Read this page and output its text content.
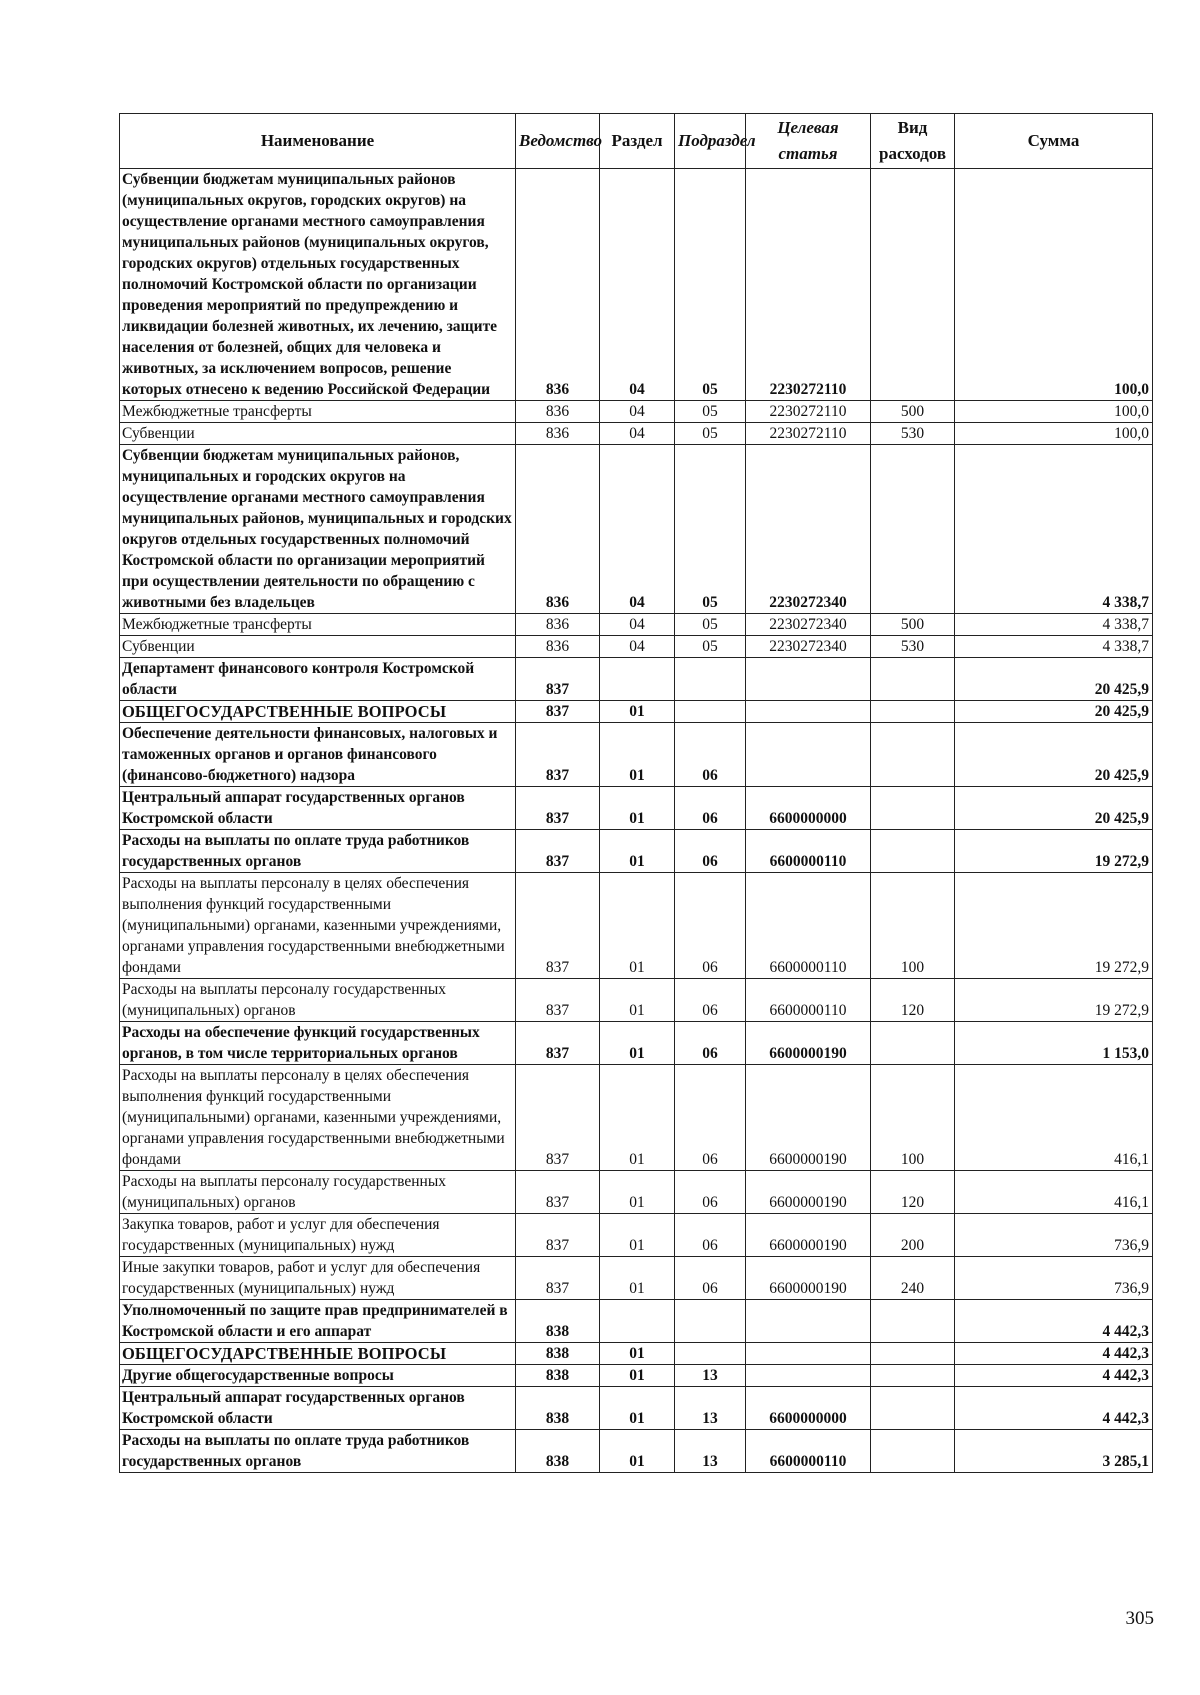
Наименование	Ведомство	Раздел	Подраздел	Целевая статья	Вид расходов	Сумма
Субвенции бюджетам муниципальных районов (муниципальных округов, городских округов) на осуществление органами местного самоуправления муниципальных районов (муниципальных округов, городских округов) отдельных государственных полномочий Костромской области по организации проведения мероприятий по предупреждению и ликвидации болезней животных, их лечению, защите населения от болезней, общих для человека и животных, за исключением вопросов, решение которых отнесено к ведению Российской Федерации	836	04	05	2230272110		100,0
Межбюджетные трансферты	836	04	05	2230272110	500	100,0
Субвенции	836	04	05	2230272110	530	100,0
Субвенции бюджетам муниципальных районов, муниципальных и городских округов на осуществление органами местного самоуправления муниципальных районов, муниципальных и городских округов отдельных государственных полномочий Костромской области по организации мероприятий при осуществлении деятельности по обращению с животными без владельцев	836	04	05	2230272340		4 338,7
Межбюджетные трансферты	836	04	05	2230272340	500	4 338,7
Субвенции	836	04	05	2230272340	530	4 338,7
Департамент финансового контроля Костромской области	837					20 425,9
ОБЩЕГОСУДАРСТВЕННЫЕ ВОПРОСЫ	837	01				20 425,9
Обеспечение деятельности финансовых, налоговых и таможенных органов и органов финансового (финансово-бюджетного) надзора	837	01	06			20 425,9
Центральный аппарат государственных органов Костромской области	837	01	06	6600000000		20 425,9
Расходы на выплаты по оплате труда работников государственных органов	837	01	06	6600000110		19 272,9
Расходы на выплаты персоналу в целях обеспечения выполнения функций государственными (муниципальными) органами, казенными учреждениями, органами управления государственными внебюджетными фондами	837	01	06	6600000110	100	19 272,9
Расходы на выплаты персоналу государственных (муниципальных) органов	837	01	06	6600000110	120	19 272,9
Расходы на обеспечение функций государственных органов, в том числе территориальных органов	837	01	06	6600000190		1 153,0
Расходы на выплаты персоналу в целях обеспечения выполнения функций государственными (муниципальными) органами, казенными учреждениями, органами управления государственными внебюджетными фондами	837	01	06	6600000190	100	416,1
Расходы на выплаты персоналу государственных (муниципальных) органов	837	01	06	6600000190	120	416,1
Закупка товаров, работ и услуг для обеспечения государственных (муниципальных) нужд	837	01	06	6600000190	200	736,9
Иные закупки товаров, работ и услуг для обеспечения государственных (муниципальных) нужд	837	01	06	6600000190	240	736,9
Уполномоченный по защите прав предпринимателей в Костромской области и его аппарат	838					4 442,3
ОБЩЕГОСУДАРСТВЕННЫЕ ВОПРОСЫ	838	01				4 442,3
Другие общегосударственные вопросы	838	01	13			4 442,3
Центральный аппарат государственных органов Костромской области	838	01	13	6600000000		4 442,3
Расходы на выплаты по оплате труда работников государственных органов	838	01	13	6600000110		3 285,1
305
